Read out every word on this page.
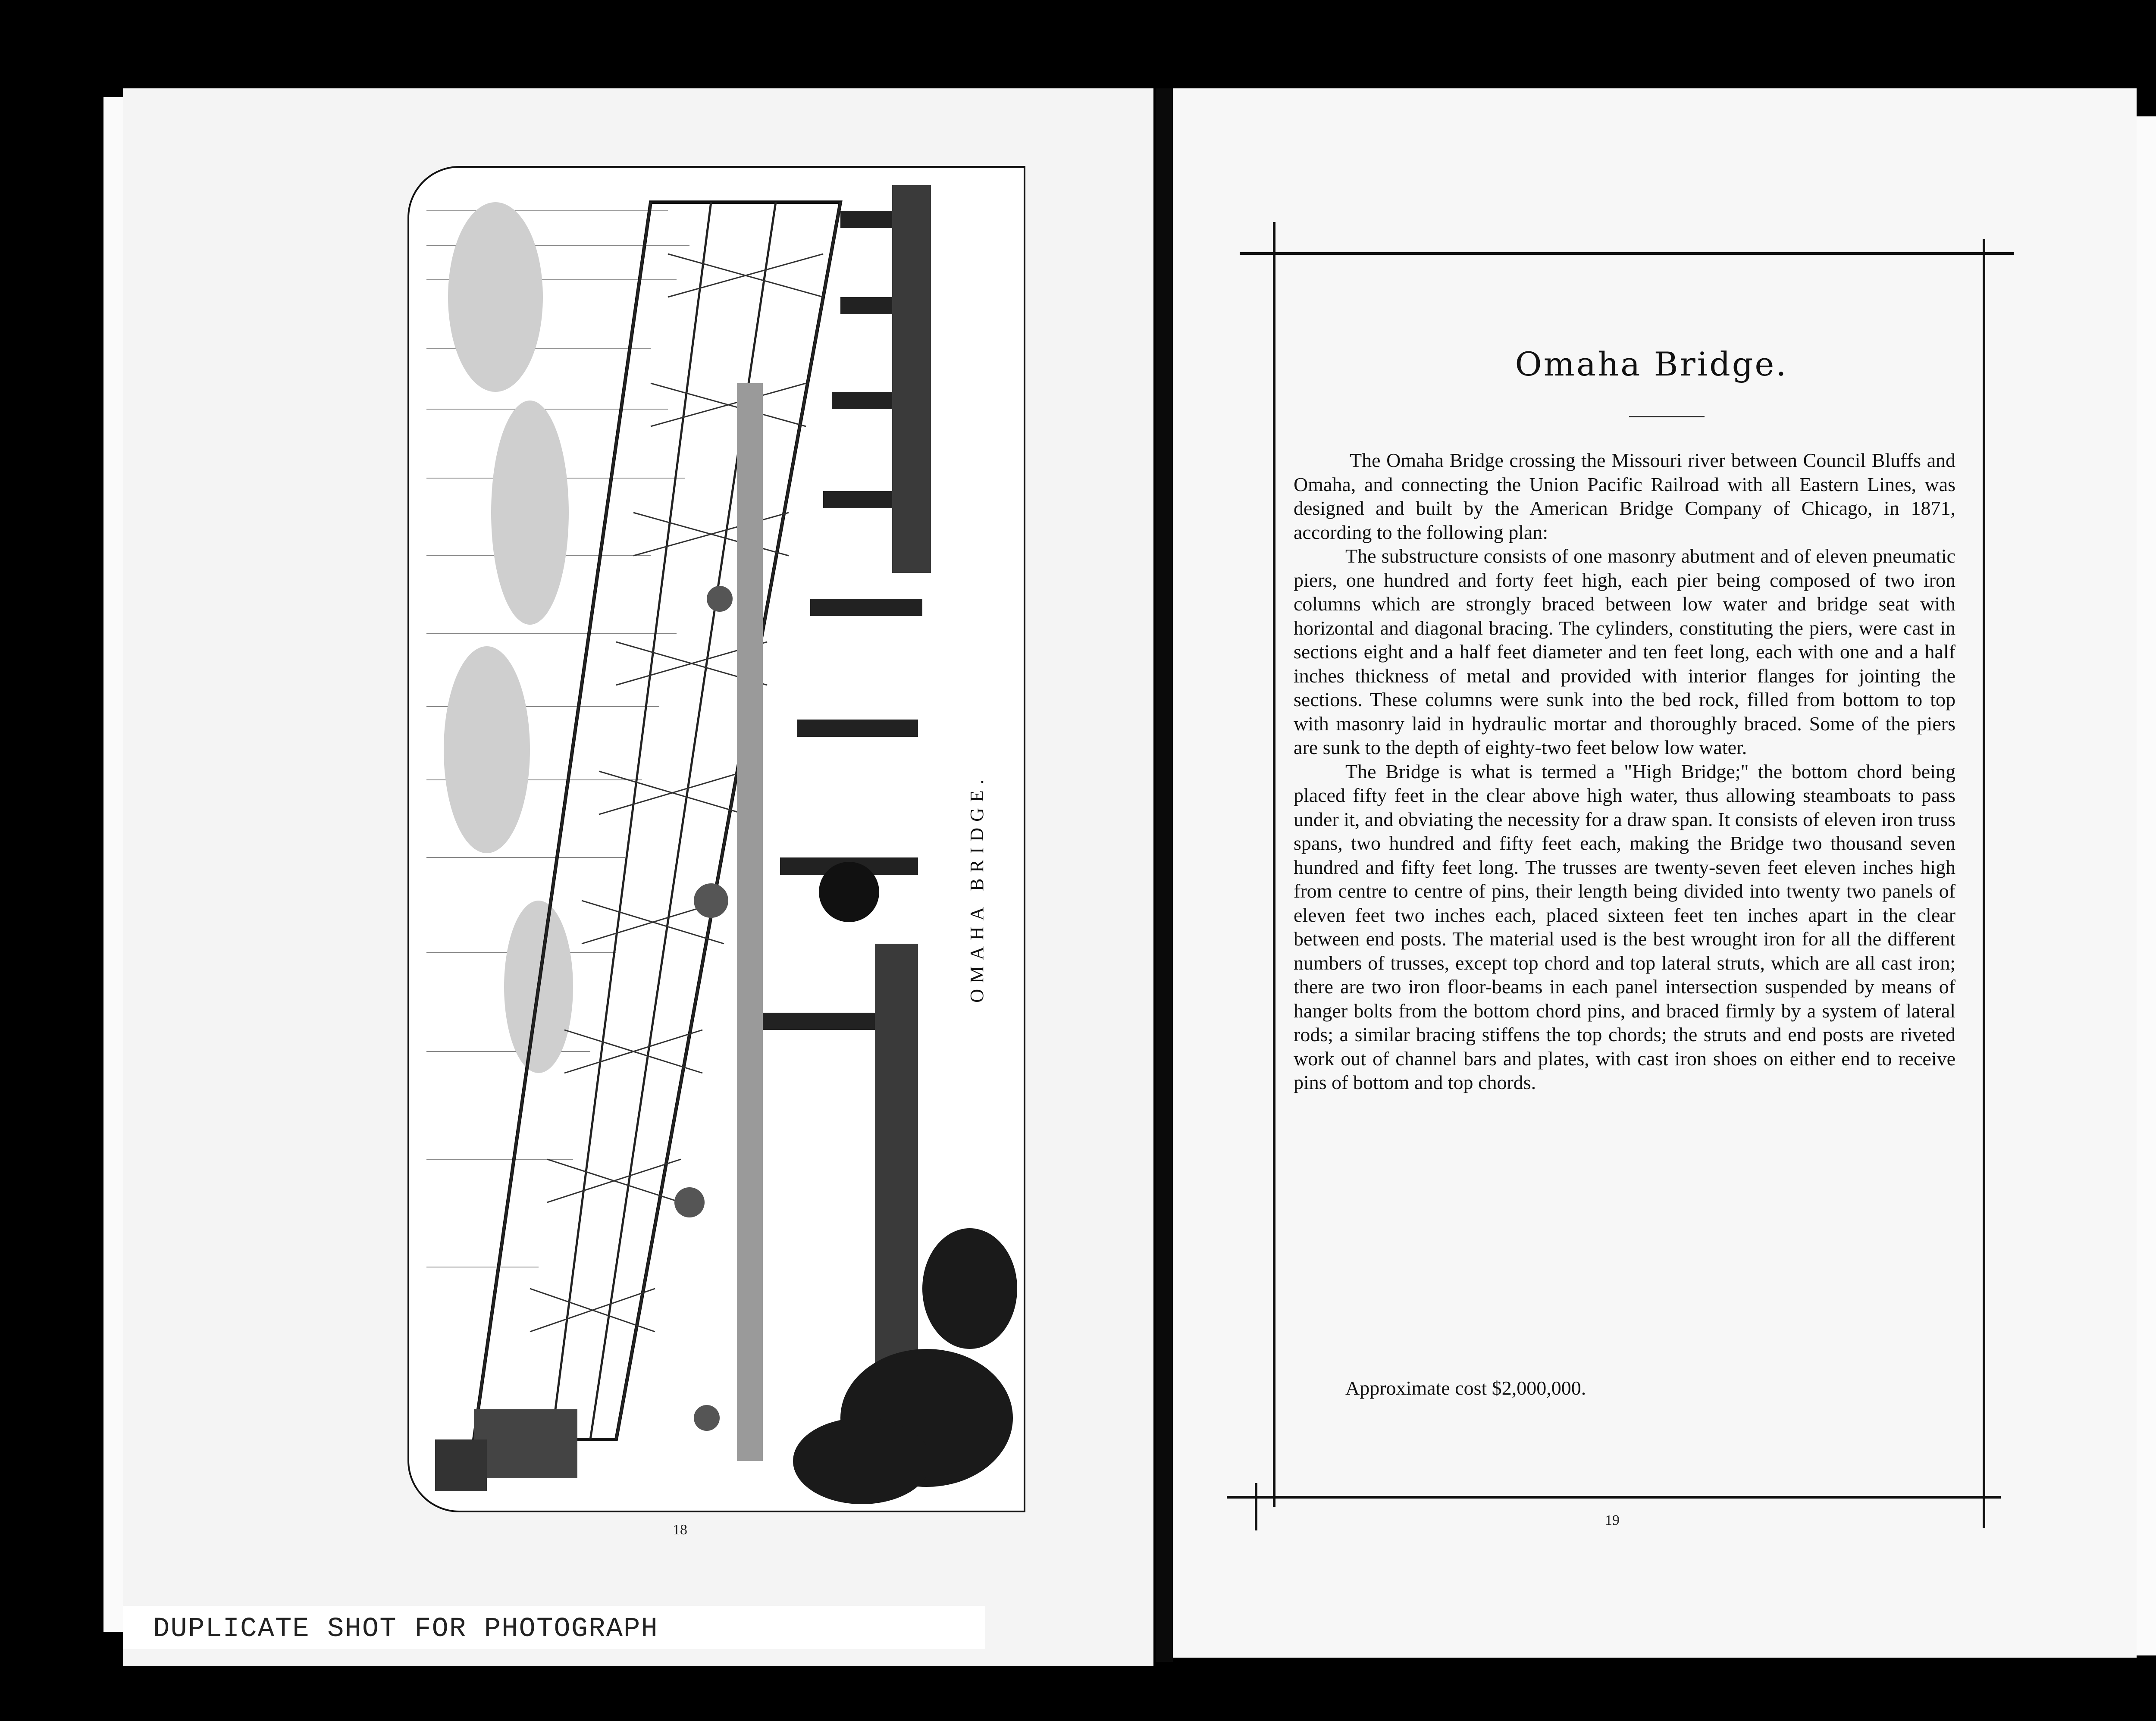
OMAHA BRIDGE.
18
DUPLICATE SHOT FOR PHOTOGRAPH
Omaha Bridge.

The Omaha Bridge crossing the Missouri river between Council Bluffs and Omaha, and connecting the Union Pacific Railroad with all Eastern Lines, was designed and built by the American Bridge Company of Chicago, in 1871, according to the following plan:

The substructure consists of one masonry abutment and of eleven pneumatic piers, one hundred and forty feet high, each pier being composed of two iron columns which are strongly braced between low water and bridge seat with horizontal and diagonal bracing. The cylinders, constituting the piers, were cast in sections eight and a half feet diameter and ten feet long, each with one and a half inches thickness of metal and provided with interior flanges for jointing the sections. These columns were sunk into the bed rock, filled from bottom to top with masonry laid in hydraulic mortar and thoroughly braced. Some of the piers are sunk to the depth of eighty-two feet below low water.

The Bridge is what is termed a "High Bridge;" the bottom chord being placed fifty feet in the clear above high water, thus allowing steamboats to pass under it, and obviating the necessity for a draw span. It consists of eleven iron truss spans, two hundred and fifty feet each, making the Bridge two thousand seven hundred and fifty feet long. The trusses are twenty-seven feet eleven inches high from centre to centre of pins, their length being divided into twenty two panels of eleven feet two inches each, placed sixteen feet ten inches apart in the clear between end posts. The material used is the best wrought iron for all the different numbers of trusses, except top chord and top lateral struts, which are all cast iron; there are two iron floor-beams in each panel intersection suspended by means of hanger bolts from the bottom chord pins, and braced firmly by a system of lateral rods; a similar bracing stiffens the top chords; the struts and end posts are riveted work out of channel bars and plates, with cast iron shoes on either end to receive pins of bottom and top chords.

Approximate cost $2,000,000.
19
